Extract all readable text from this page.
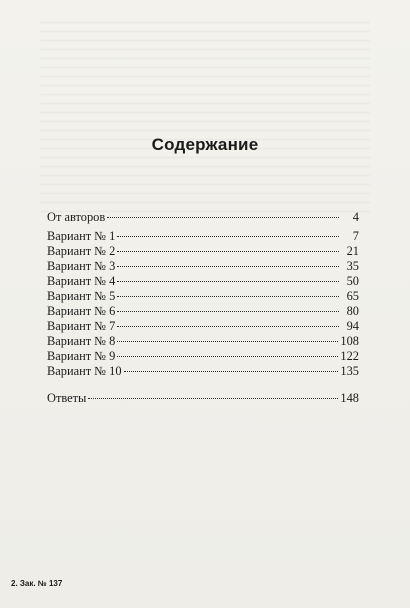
Содержание
От авторов	4
Вариант № 1	7
Вариант № 2	21
Вариант № 3	35
Вариант № 4	50
Вариант № 5	65
Вариант № 6	80
Вариант № 7	94
Вариант № 8	108
Вариант № 9	122
Вариант № 10	135
Ответы	148
2. Зак. № 137
